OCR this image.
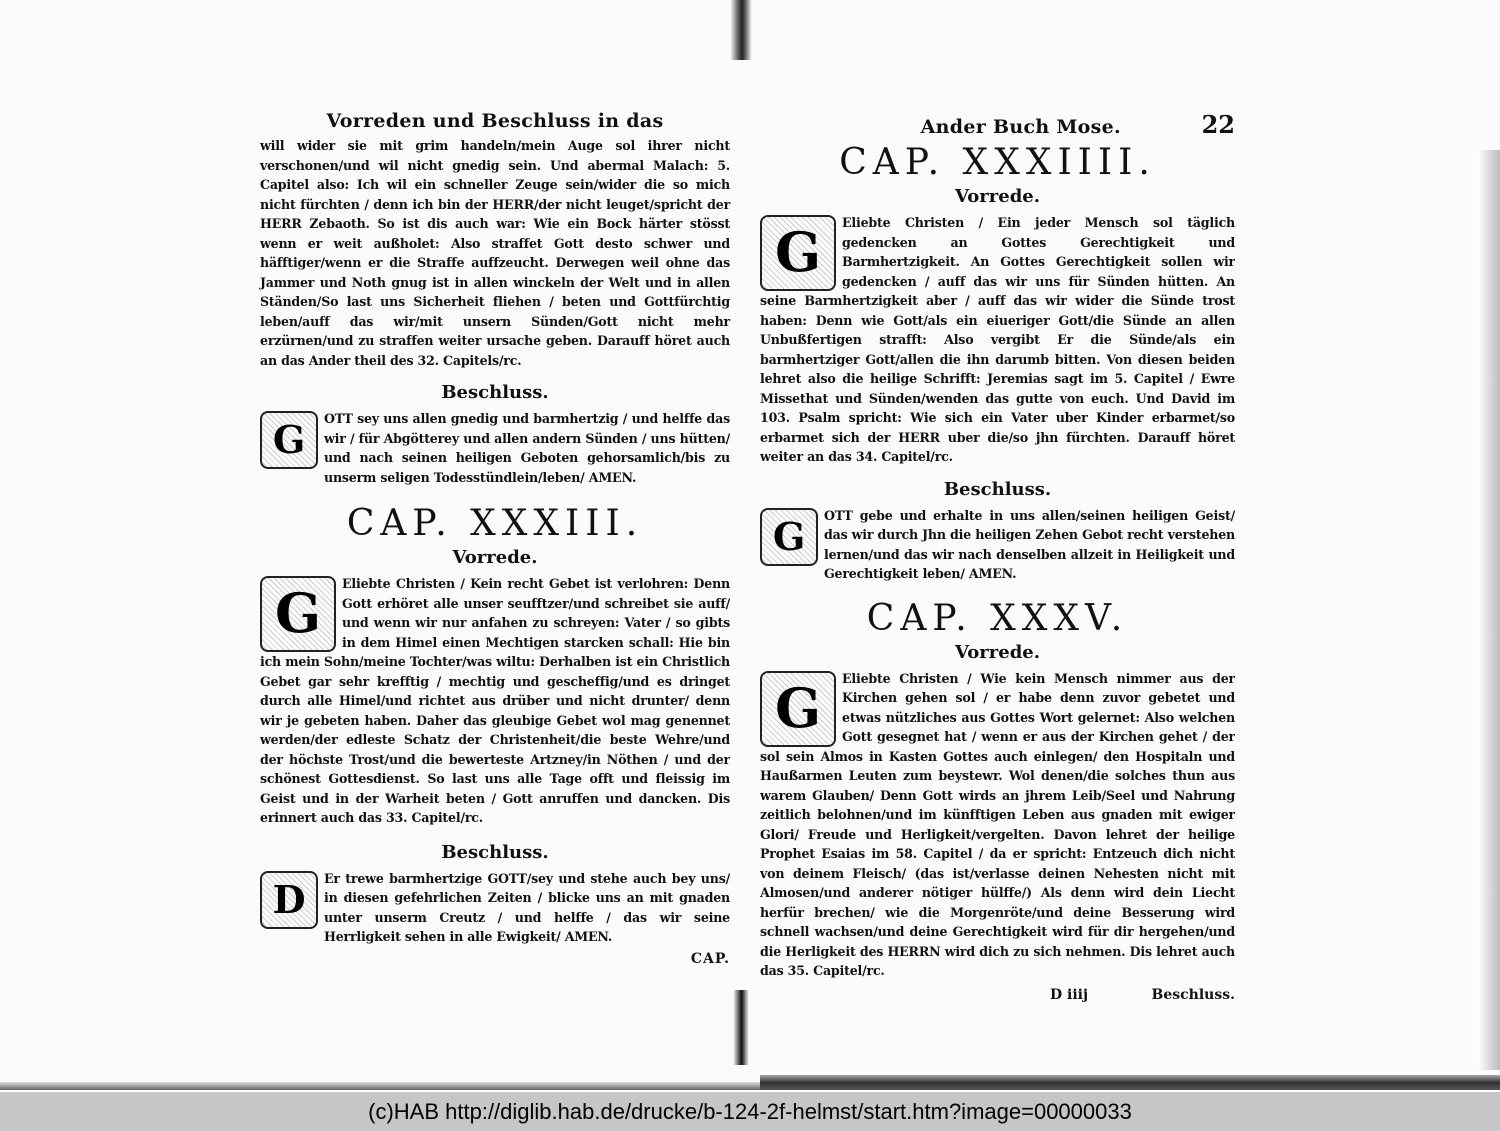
Vorreden und Beschluss in das

will wider sie mit grim handeln/mein Auge sol ihrer nicht verschonen/und wil nicht gnedig sein. Und abermal Malach: 5. Capitel also: Ich wil ein schneller Zeuge sein/wider die so mich nicht fürchten / denn ich bin der HERR/der nicht leuget/spricht der HERR Zebaoth. So ist dis auch war: Wie ein Bock härter stösst wenn er weit außholet: Also straffet Gott desto schwer und häfftiger/wenn er die Straffe auffzeucht. Derwegen weil ohne das Jammer und Noth gnug ist in allen winckeln der Welt und in allen Ständen/So last uns Sicherheit fliehen / beten und Gottfürchtig leben/auff das wir/mit unsern Sünden/Gott nicht mehr erzürnen/und zu straffen weiter ursache geben. Darauff höret auch an das Ander theil des 32. Capitels/rc.

Beschluss.
G	OTT sey uns allen gnedig und barmhertzig / und helffe das wir / für Abgötterey und allen andern Sünden / uns hütten/ und nach seinen heiligen Geboten gehorsamlich/bis zu unserm seligen Todesstündlein/leben/ AMEN.
CAP. XXXIII.
Vorrede.
G	Eliebte Christen / Kein recht Gebet ist verlohren: Denn Gott erhöret alle unser seufftzer/und schreibet sie auff/ und wenn wir nur anfahen zu schreyen: Vater / so gibts in dem Himel einen Mechtigen starcken schall: Hie bin ich mein Sohn/meine Tochter/was wiltu: Derhalben ist ein Christlich Gebet gar sehr krefftig / mechtig und gescheffig/und es dringet durch alle Himel/und richtet aus drüber und nicht drunter/ denn wir je gebeten haben. Daher das gleubige Gebet wol mag genennet werden/der edleste Schatz der Christenheit/die beste Wehre/und der höchste Trost/und die bewerteste Artzney/in Nöthen / und der schönest Gottesdienst. So last uns alle Tage offt und fleissig im Geist und in der Warheit beten / Gott anruffen und dancken. Dis erinnert auch das 33. Capitel/rc.
Beschluss.
D	Er trewe barmhertzige GOTT/sey und stehe auch bey uns/ in diesen gefehrlichen Zeiten / blicke uns an mit gnaden unter unserm Creutz / und helffe / das wir seine Herrligkeit sehen in alle Ewigkeit/ AMEN.
CAP.
Ander Buch Mose.	22
CAP. XXXIIII.
Vorrede.
G	Eliebte Christen / Ein jeder Mensch sol täglich gedencken an Gottes Gerechtigkeit und Barmhertzigkeit. An Gottes Gerechtigkeit sollen wir gedencken / auff das wir uns für Sünden hütten. An seine Barmhertzigkeit aber / auff das wir wider die Sünde trost haben: Denn wie Gott/als ein eiueriger Gott/die Sünde an allen Unbußfertigen strafft: Also vergibt Er die Sünde/als ein barmhertziger Gott/allen die ihn darumb bitten. Von diesen beiden lehret also die heilige Schrifft: Jeremias sagt im 5. Capitel / Ewre Missethat und Sünden/wenden das gutte von euch. Und David im 103. Psalm spricht: Wie sich ein Vater uber Kinder erbarmet/so erbarmet sich der HERR uber die/so jhn fürchten. Darauff höret weiter an das 34. Capitel/rc.
Beschluss.
G	OTT gebe und erhalte in uns allen/seinen heiligen Geist/ das wir durch Jhn die heiligen Zehen Gebot recht verstehen lernen/und das wir nach denselben allzeit in Heiligkeit und Gerechtigkeit leben/ AMEN.
CAP. XXXV.
Vorrede.
G	Eliebte Christen / Wie kein Mensch nimmer aus der Kirchen gehen sol / er habe denn zuvor gebetet und etwas nützliches aus Gottes Wort gelernet: Also welchen Gott gesegnet hat / wenn er aus der Kirchen gehet / der sol sein Almos in Kasten Gottes auch einlegen/ den Hospitaln und Haußarmen Leuten zum beystewr. Wol denen/die solches thun aus warem Glauben/ Denn Gott wirds an jhrem Leib/Seel und Nahrung zeitlich belohnen/und im künfftigen Leben aus gnaden mit ewiger Glori/ Freude und Herligkeit/vergelten. Davon lehret der heilige Prophet Esaias im 58. Capitel / da er spricht: Entzeuch dich nicht von deinem Fleisch/ (das ist/verlasse deinen Nehesten nicht mit Almosen/und anderer nötiger hülffe/) Als denn wird dein Liecht herfür brechen/ wie die Morgenröte/und deine Besserung wird schnell wachsen/und deine Gerechtigkeit wird für dir hergehen/und die Herligkeit des HERRN wird dich zu sich nehmen. Dis lehret auch das 35. Capitel/rc.
D iiij	Beschluss.
(c)HAB http://diglib.hab.de/drucke/b-124-2f-helmst/start.htm?image=00000033
